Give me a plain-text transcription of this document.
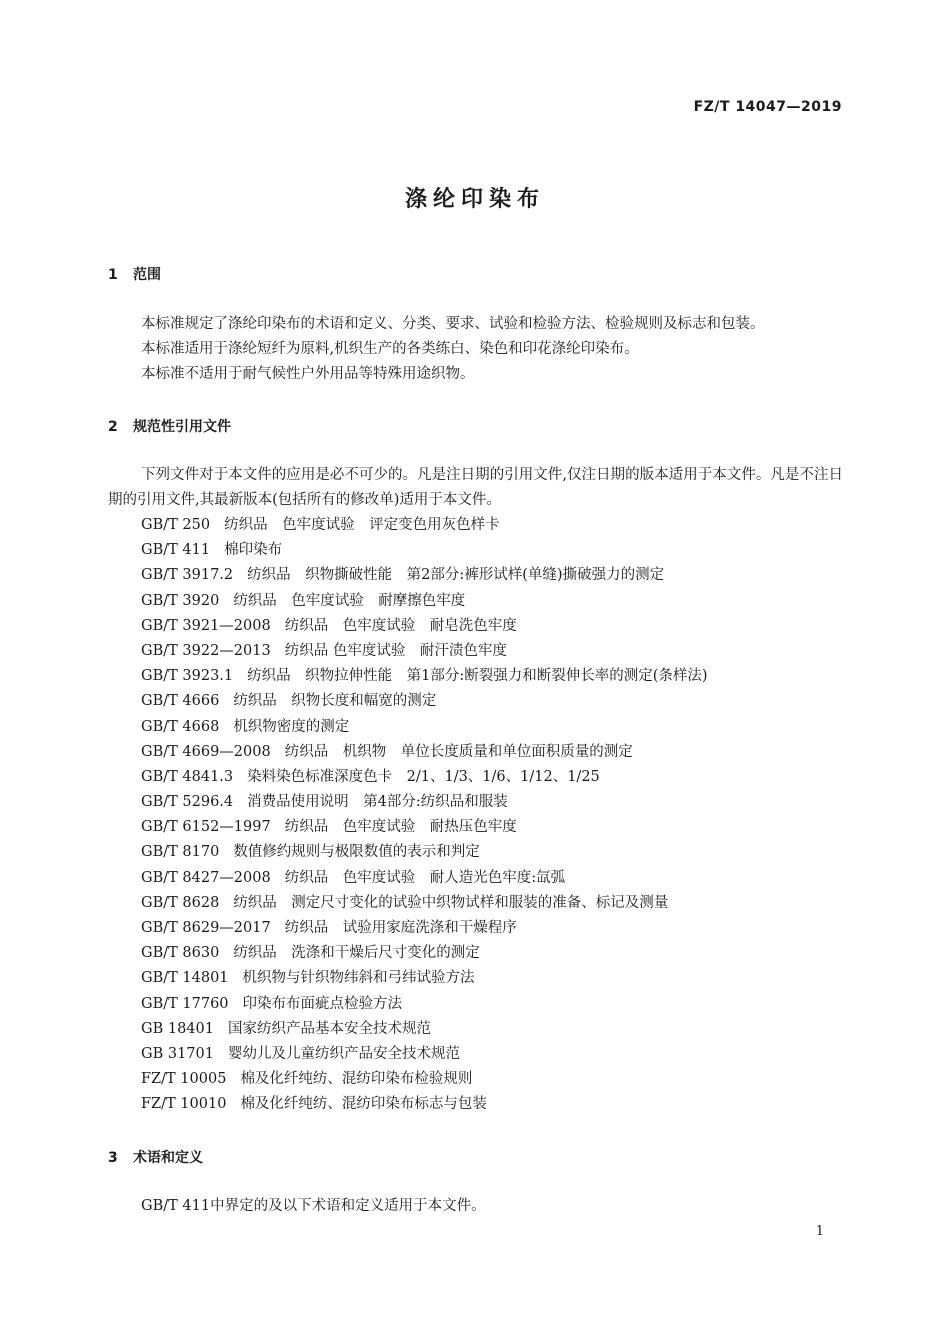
FZ/T 14047—2019
涤纶印染布
1 范围

本标准规定了涤纶印染布的术语和定义、分类、要求、试验和检验方法、检验规则及标志和包装。

本标准适用于涤纶短纤为原料,机织生产的各类练白、染色和印花涤纶印染布。

本标准不适用于耐气候性户外用品等特殊用途织物。

2 规范性引用文件

下列文件对于本文件的应用是必不可少的。凡是注日期的引用文件,仅注日期的版本适用于本文件。凡是不注日期的引用文件,其最新版本(包括所有的修改单)适用于本文件。

GB/T 250 纺织品　色牢度试验　评定变色用灰色样卡
GB/T 411 棉印染布
GB/T 3917.2 纺织品　织物撕破性能　第2部分:裤形试样(单缝)撕破强力的测定
GB/T 3920 纺织品　色牢度试验　耐摩擦色牢度
GB/T 3921—2008 纺织品　色牢度试验　耐皂洗色牢度
GB/T 3922—2013 纺织品 色牢度试验　耐汗渍色牢度
GB/T 3923.1 纺织品　织物拉伸性能　第1部分:断裂强力和断裂伸长率的测定(条样法)
GB/T 4666 纺织品　织物长度和幅宽的测定
GB/T 4668 机织物密度的测定
GB/T 4669—2008 纺织品　机织物　单位长度质量和单位面积质量的测定
GB/T 4841.3 染料染色标准深度色卡　2/1、1/3、1/6、1/12、1/25
GB/T 5296.4 消费品使用说明　第4部分:纺织品和服装
GB/T 6152—1997 纺织品　色牢度试验　耐热压色牢度
GB/T 8170 数值修约规则与极限数值的表示和判定
GB/T 8427—2008 纺织品　色牢度试验　耐人造光色牢度:氙弧
GB/T 8628 纺织品　测定尺寸变化的试验中织物试样和服装的准备、标记及测量
GB/T 8629—2017 纺织品　试验用家庭洗涤和干燥程序
GB/T 8630 纺织品　洗涤和干燥后尺寸变化的测定
GB/T 14801 机织物与针织物纬斜和弓纬试验方法
GB/T 17760 印染布布面疵点检验方法
GB 18401 国家纺织产品基本安全技术规范
GB 31701 婴幼儿及儿童纺织产品安全技术规范
FZ/T 10005 棉及化纤纯纺、混纺印染布检验规则
FZ/T 10010 棉及化纤纯纺、混纺印染布标志与包装
3 术语和定义

GB/T 411中界定的及以下术语和定义适用于本文件。

1
